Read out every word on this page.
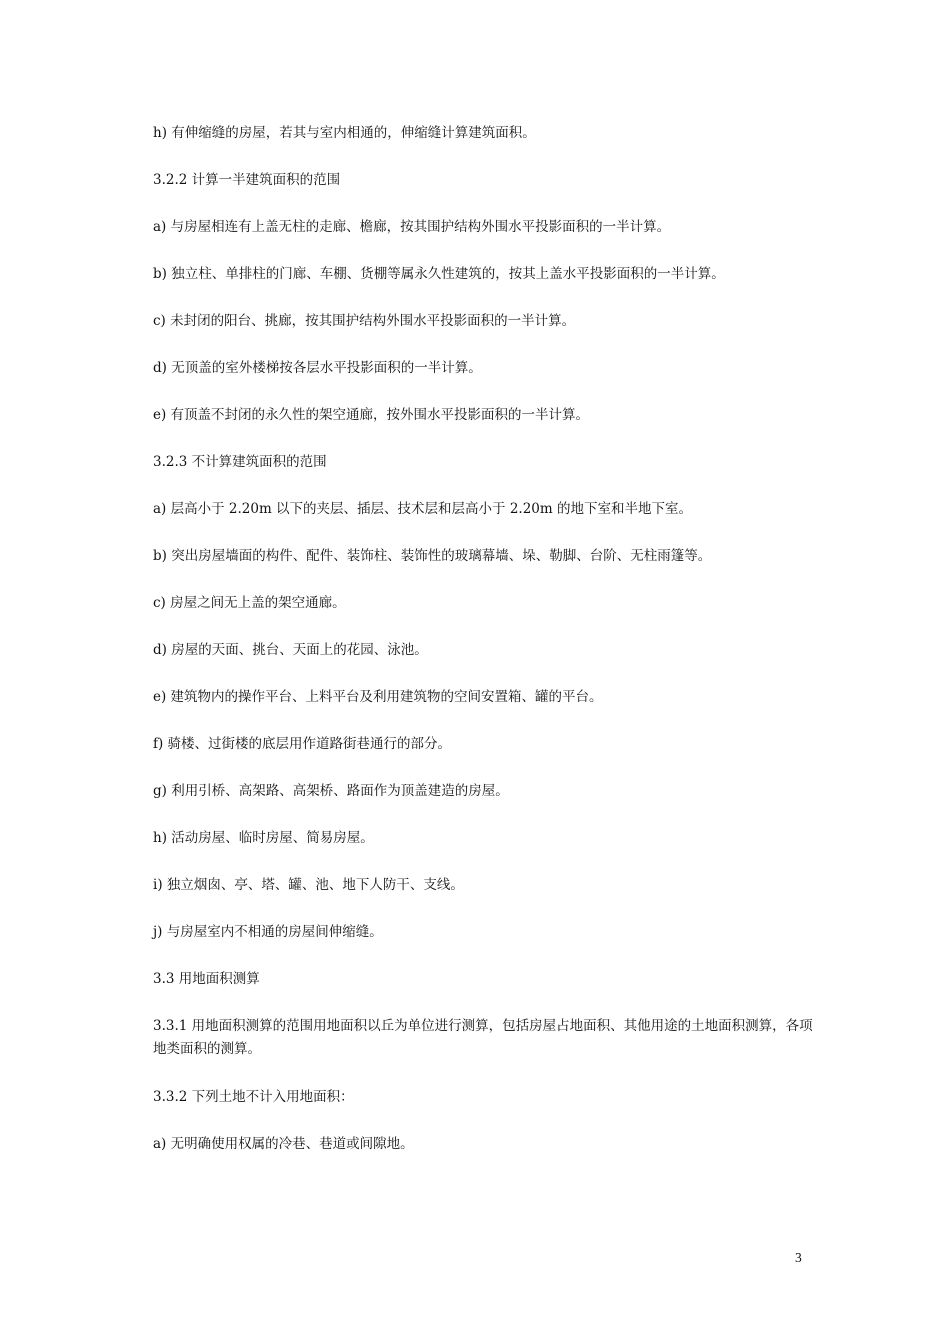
h) 有伸缩缝的房屋，若其与室内相通的，伸缩缝计算建筑面积。

3.2.2 计算一半建筑面积的范围

a) 与房屋相连有上盖无柱的走廊、檐廊，按其围护结构外围水平投影面积的一半计算。

b) 独立柱、单排柱的门廊、车棚、货棚等属永久性建筑的，按其上盖水平投影面积的一半计算。

c) 未封闭的阳台、挑廊，按其围护结构外围水平投影面积的一半计算。

d) 无顶盖的室外楼梯按各层水平投影面积的一半计算。

e) 有顶盖不封闭的永久性的架空通廊，按外围水平投影面积的一半计算。

3.2.3 不计算建筑面积的范围

a) 层高小于 2.20m 以下的夹层、插层、技术层和层高小于 2.20m 的地下室和半地下室。

b) 突出房屋墙面的构件、配件、装饰柱、装饰性的玻璃幕墙、垛、勒脚、台阶、无柱雨篷等。

c) 房屋之间无上盖的架空通廊。

d) 房屋的天面、挑台、天面上的花园、泳池。

e) 建筑物内的操作平台、上料平台及利用建筑物的空间安置箱、罐的平台。

f) 骑楼、过街楼的底层用作道路街巷通行的部分。

g) 利用引桥、高架路、高架桥、路面作为顶盖建造的房屋。

h) 活动房屋、临时房屋、简易房屋。

i) 独立烟囱、亭、塔、罐、池、地下人防干、支线。

j) 与房屋室内不相通的房屋间伸缩缝。

3.3 用地面积测算

3.3.1 用地面积测算的范围用地面积以丘为单位进行测算，包括房屋占地面积、其他用途的土地面积测算，各项地类面积的测算。

3.3.2 下列土地不计入用地面积：

a) 无明确使用权属的冷巷、巷道或间隙地。

3
